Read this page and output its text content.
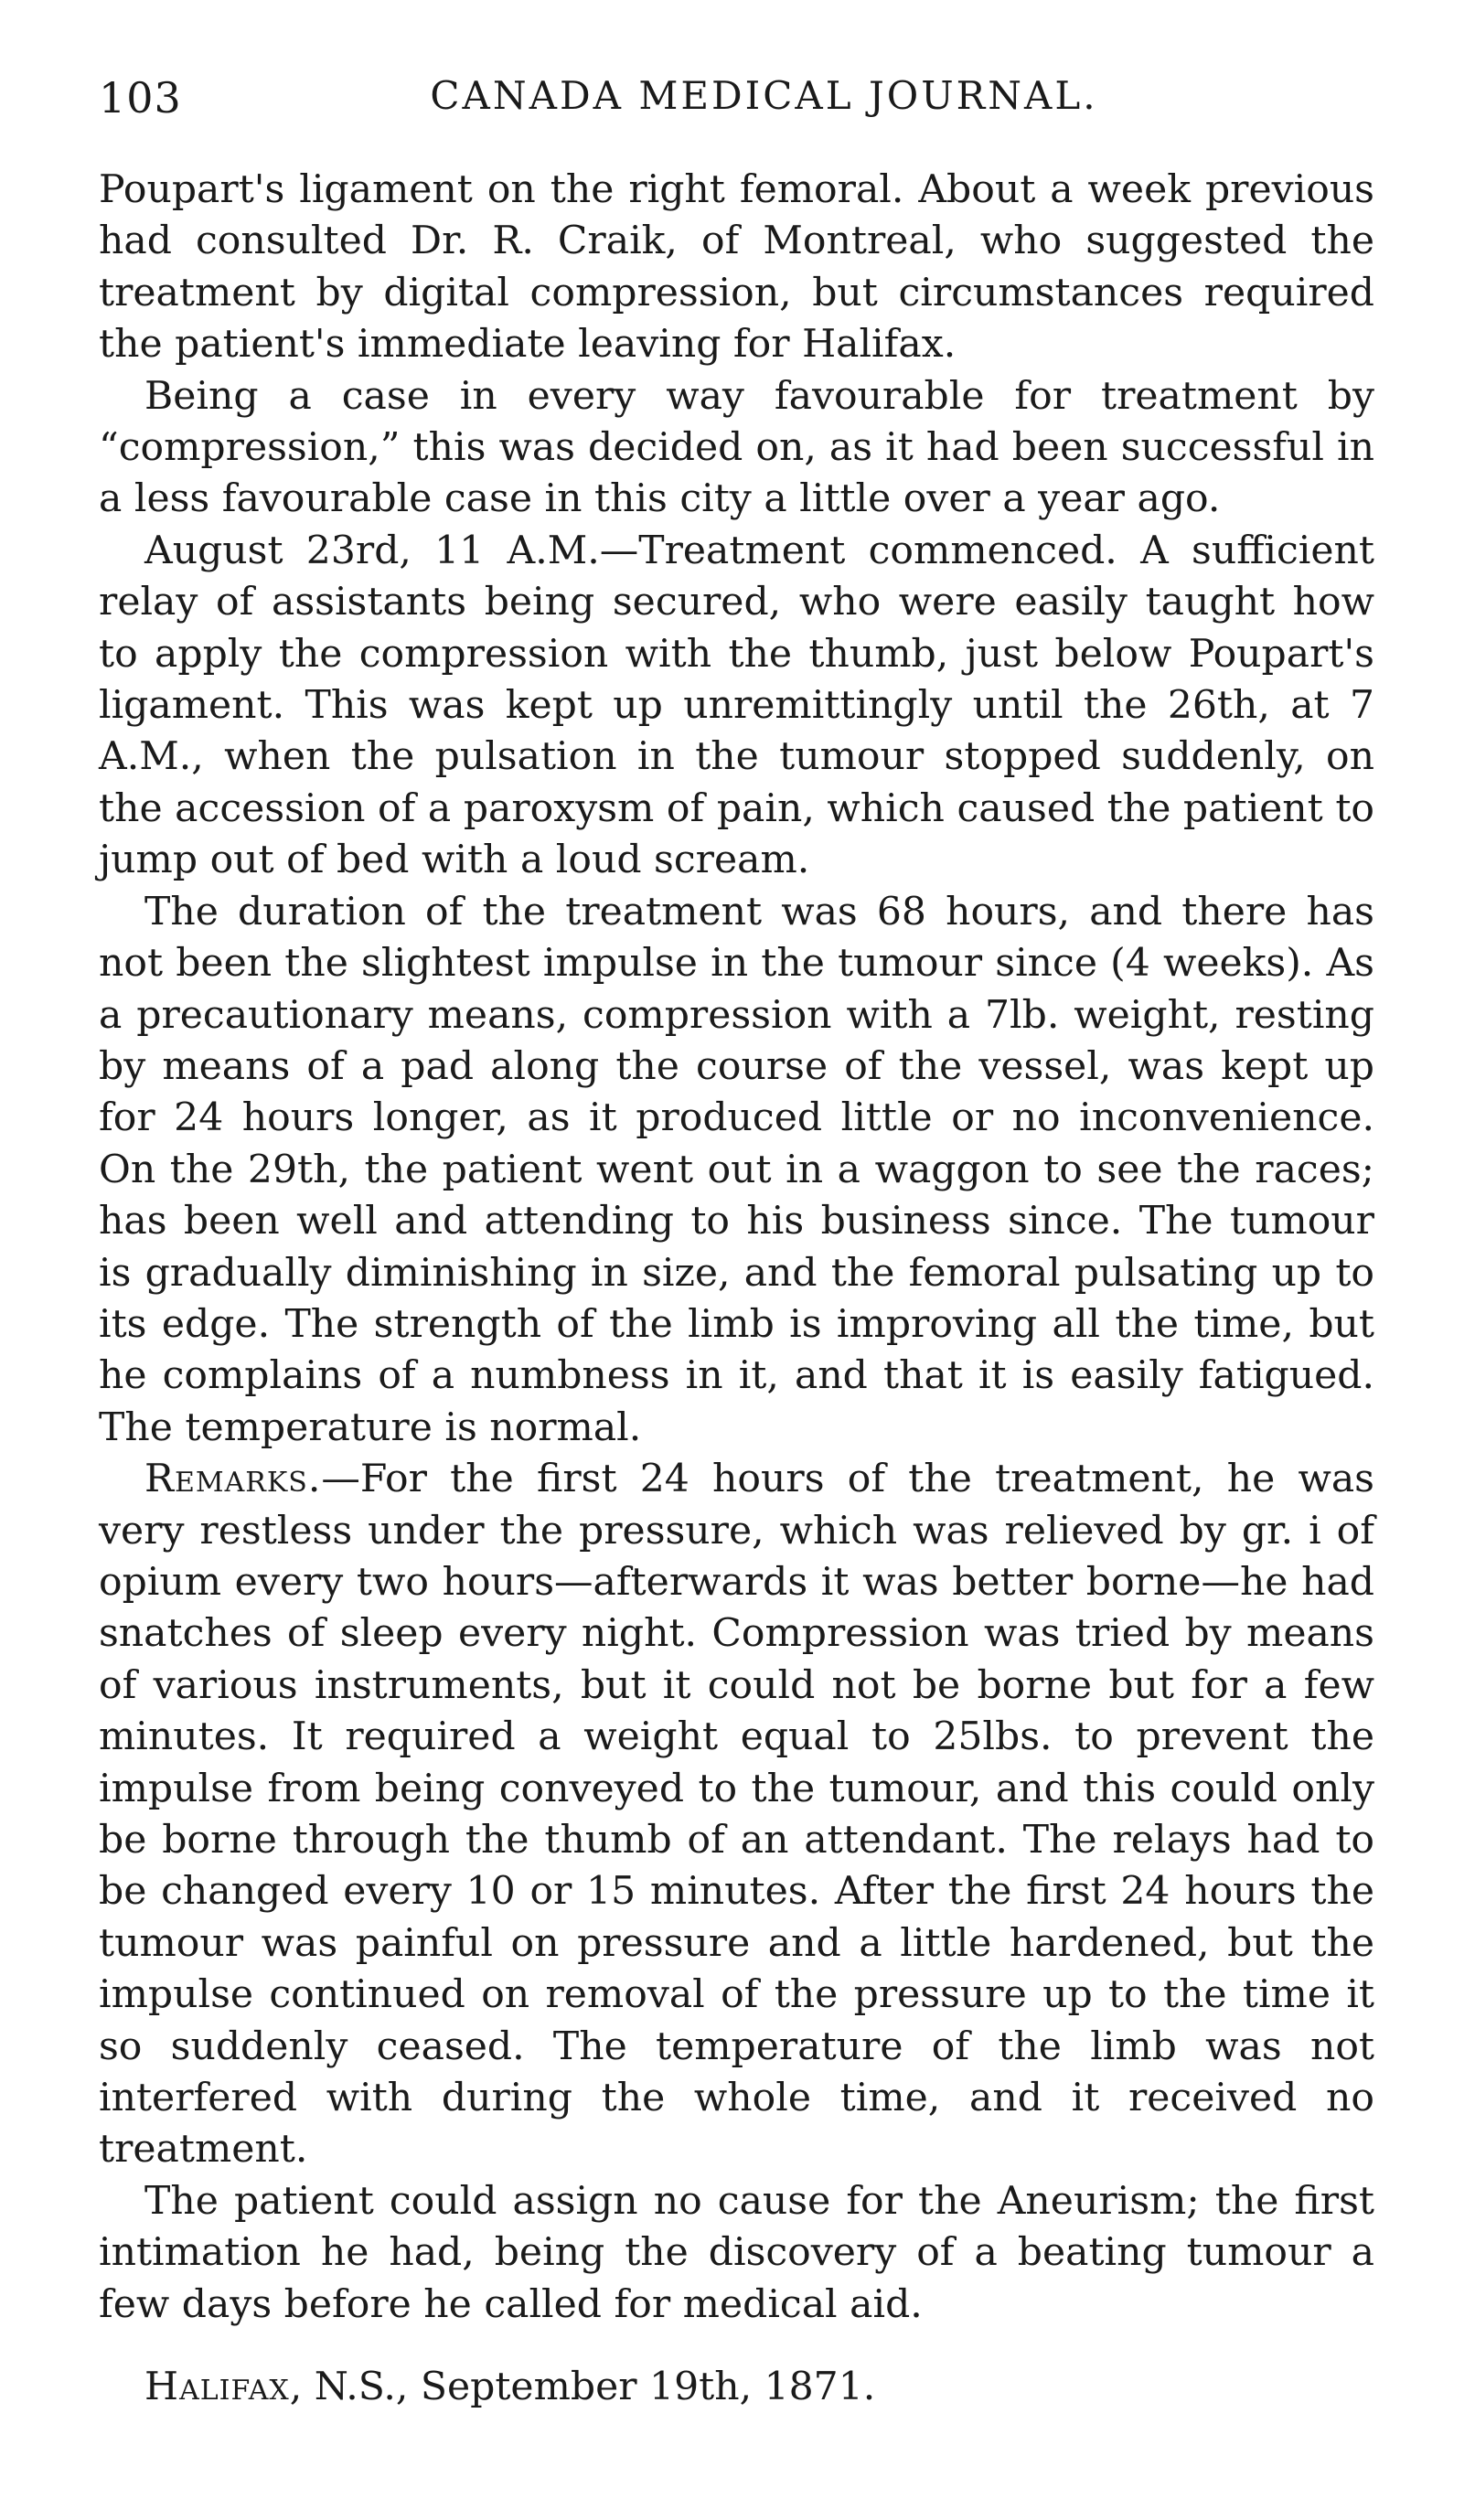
103	CANADA MEDICAL JOURNAL.

Poupart's ligament on the right femoral. About a week previous had consulted Dr. R. Craik, of Montreal, who suggested the treatment by digital compression, but circumstances required the patient's immediate leaving for Halifax.

Being a case in every way favourable for treatment by “compression,” this was decided on, as it had been successful in a less favourable case in this city a little over a year ago.

August 23rd, 11 A.M.—Treatment commenced. A sufficient relay of assistants being secured, who were easily taught how to apply the compression with the thumb, just below Poupart's ligament. This was kept up unremittingly until the 26th, at 7 A.M., when the pulsation in the tumour stopped suddenly, on the accession of a paroxysm of pain, which caused the patient to jump out of bed with a loud scream.

The duration of the treatment was 68 hours, and there has not been the slightest impulse in the tumour since (4 weeks). As a precautionary means, compression with a 7lb. weight, resting by means of a pad along the course of the vessel, was kept up for 24 hours longer, as it produced little or no inconvenience. On the 29th, the patient went out in a waggon to see the races; has been well and attending to his business since. The tumour is gradually diminishing in size, and the femoral pulsating up to its edge. The strength of the limb is improving all the time, but he complains of a numbness in it, and that it is easily fatigued. The temperature is normal.

Remarks.—For the first 24 hours of the treatment, he was very restless under the pressure, which was relieved by gr. i of opium every two hours—afterwards it was better borne—he had snatches of sleep every night. Compression was tried by means of various instruments, but it could not be borne but for a few minutes. It required a weight equal to 25lbs. to prevent the impulse from being conveyed to the tumour, and this could only be borne through the thumb of an attendant. The relays had to be changed every 10 or 15 minutes. After the first 24 hours the tumour was painful on pressure and a little hardened, but the impulse continued on removal of the pressure up to the time it so suddenly ceased. The temperature of the limb was not interfered with during the whole time, and it received no treatment.

The patient could assign no cause for the Aneurism; the first intimation he had, being the discovery of a beating tumour a few days before he called for medical aid.

Halifax, N.S., September 19th, 1871.
